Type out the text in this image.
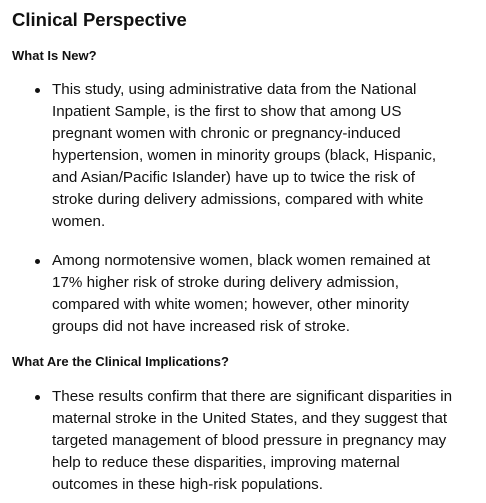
Clinical Perspective
What Is New?
This study, using administrative data from the National
Inpatient Sample, is the first to show that among US
pregnant women with chronic or pregnancy-induced
hypertension, women in minority groups (black, Hispanic,
and Asian/Pacific Islander) have up to twice the risk of
stroke during delivery admissions, compared with white
women.
Among normotensive women, black women remained at
17% higher risk of stroke during delivery admission,
compared with white women; however, other minority
groups did not have increased risk of stroke.
What Are the Clinical Implications?
These results confirm that there are significant disparities in
maternal stroke in the United States, and they suggest that
targeted management of blood pressure in pregnancy may
help to reduce these disparities, improving maternal
outcomes in these high-risk populations.
